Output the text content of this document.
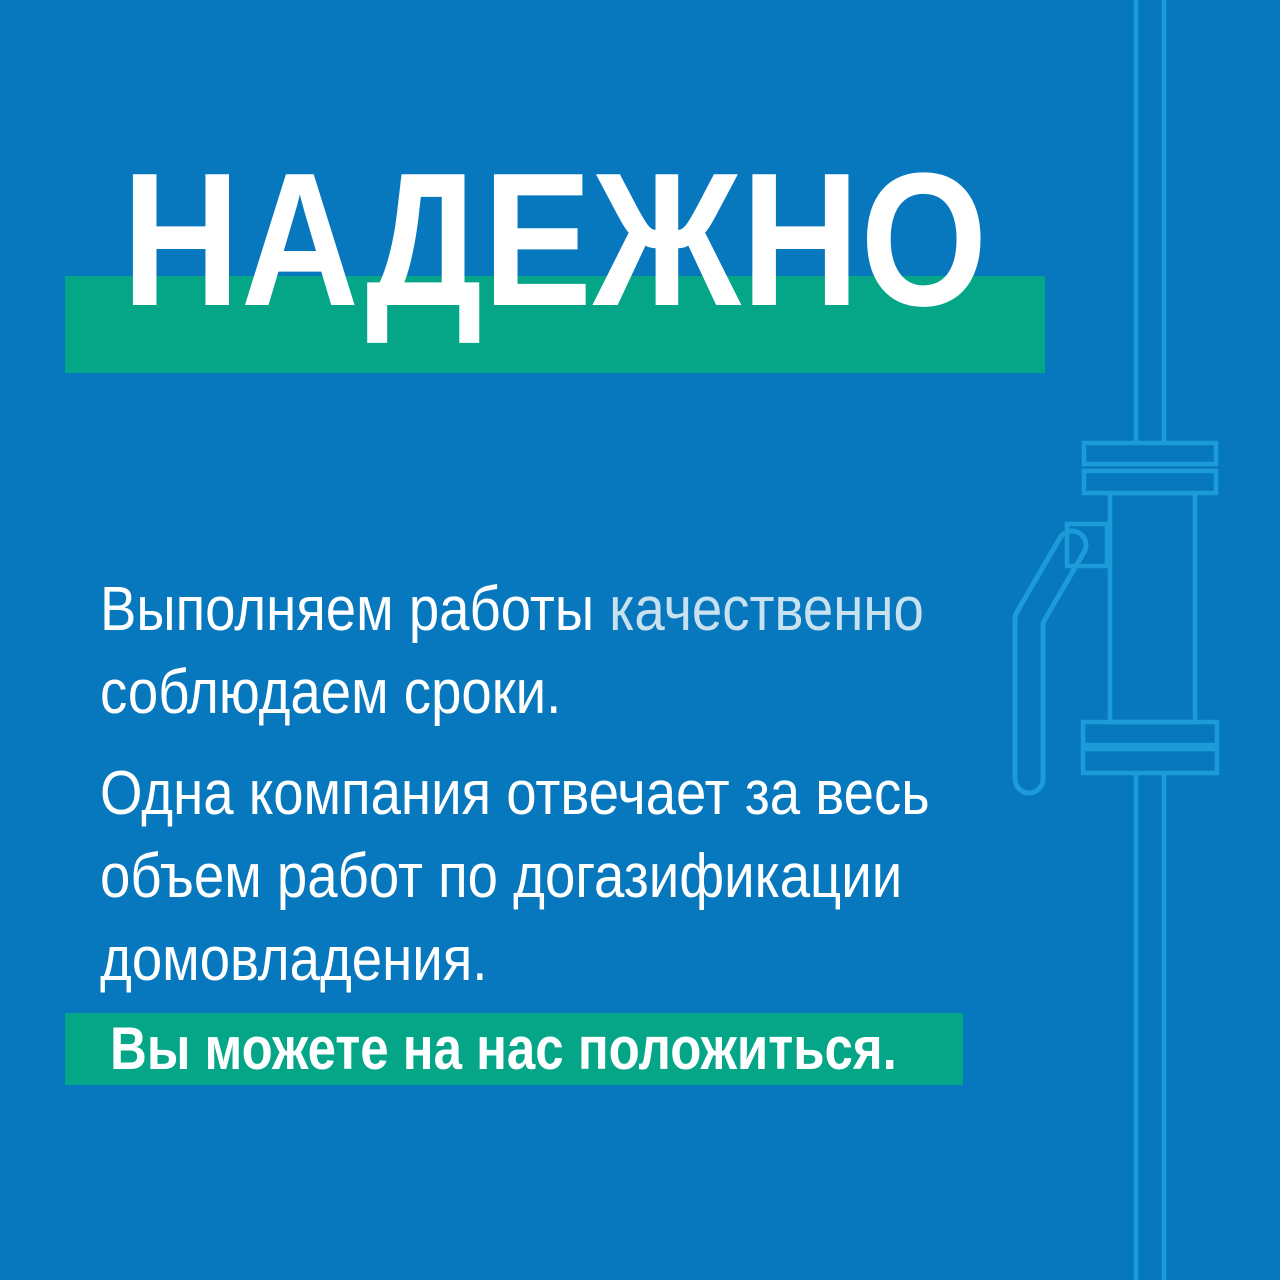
НАДЕЖНО
Выполняем работы качественно
соблюдаем сроки.
Одна компания отвечает за весь
объем работ по догазификации
домовладения.
Вы можете на нас положиться.
